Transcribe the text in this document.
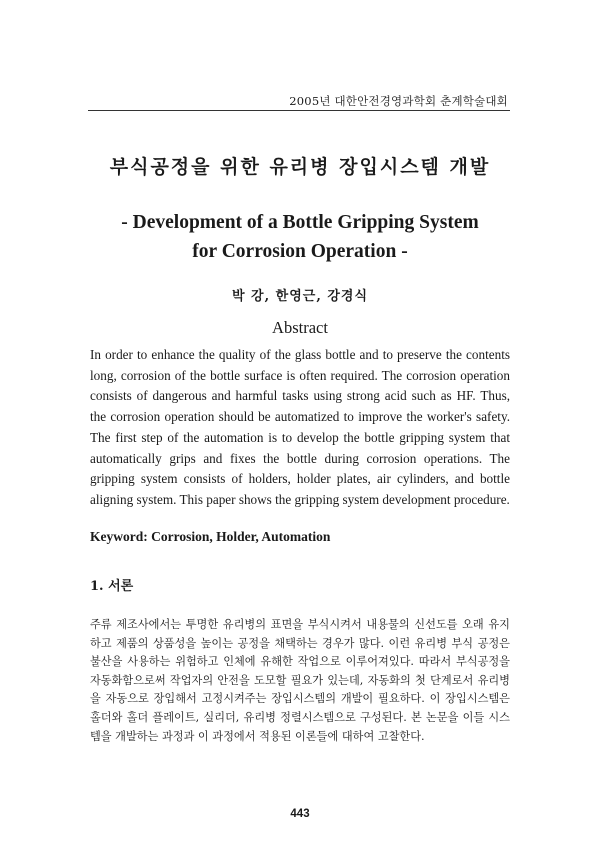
2005년 대한안전경영과학회 춘계학술대회
부식공정을 위한 유리병 장입시스템 개발
- Development of a Bottle Gripping System
for Corrosion Operation -
박 강, 한영근, 강경식
Abstract
In order to enhance the quality of the glass bottle and to preserve the contents long, corrosion of the bottle surface is often required. The corrosion operation consists of dangerous and harmful tasks using strong acid such as HF. Thus, the corrosion operation should be automatized to improve the worker's safety. The first step of the automation is to develop the bottle gripping system that automatically grips and fixes the bottle during corrosion operations. The gripping system consists of holders, holder plates, air cylinders, and bottle aligning system. This paper shows the gripping system development procedure.
Keyword: Corrosion, Holder, Automation
1. 서론
주류 제조사에서는 투명한 유리병의 표면을 부식시켜서 내용물의 신선도를 오래 유지
하고 제품의 상품성을 높이는 공정을 채택하는 경우가 많다. 이런 유리병 부식 공정은
불산을 사용하는 위험하고 인체에 유해한 작업으로 이루어져있다. 따라서 부식공정을
자동화함으로써 작업자의 안전을 도모할 필요가 있는데, 자동화의 첫 단계로서 유리병
을 자동으로 장입해서 고정시켜주는 장입시스템의 개발이 필요하다. 이 장입시스템은
홀더와 홀더 플레이트, 실리더, 유리병 정렬시스템으로 구성된다. 본 논문을 이들 시스
템을 개발하는 과정과 이 과정에서 적용된 이론들에 대하여 고찰한다.
443
